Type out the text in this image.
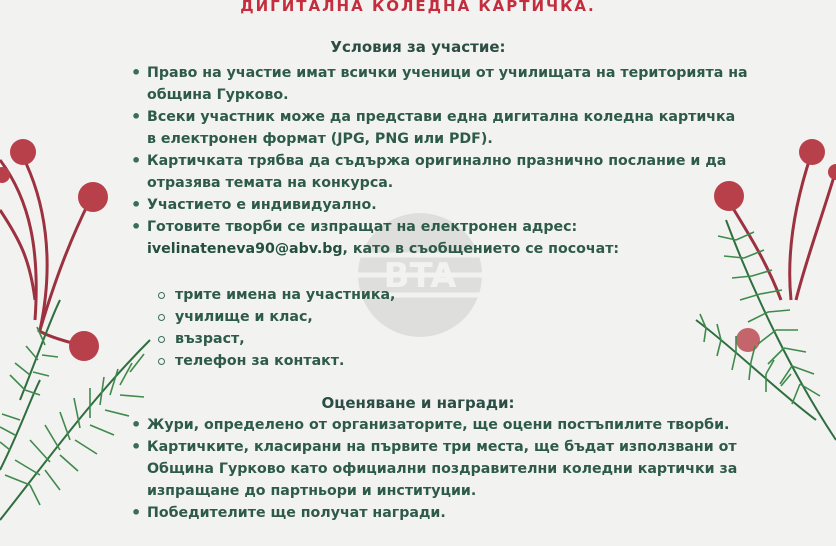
BTA
ДИГИТАЛНА КОЛЕДНА КАРТИЧКА.
Условия за участие:
• Право на участие имат всички ученици от училищата на територията на община Гурково.
• Всеки участник може да представи една дигитална коледна картичка в електронен формат (JPG, PNG или PDF).
• Картичката трябва да съдържа оригинално празнично послание и да отразява темата на конкурса.
• Участието е индивидуално.
• Готовите творби се изпращат на електронен адрес:
ivelinateneva90@abv.bg, като в съобщението се посочат:
трите имена на участника,
училище и клас,
възраст,
телефон за контакт.
Оценяване и награди:
• Жури, определено от организаторите, ще оцени постъпилите творби.
• Картичките, класирани на първите три места, ще бъдат използвани от Община Гурково като официални поздравителни коледни картички за изпращане до партньори и институции.
• Победителите ще получат награди.
